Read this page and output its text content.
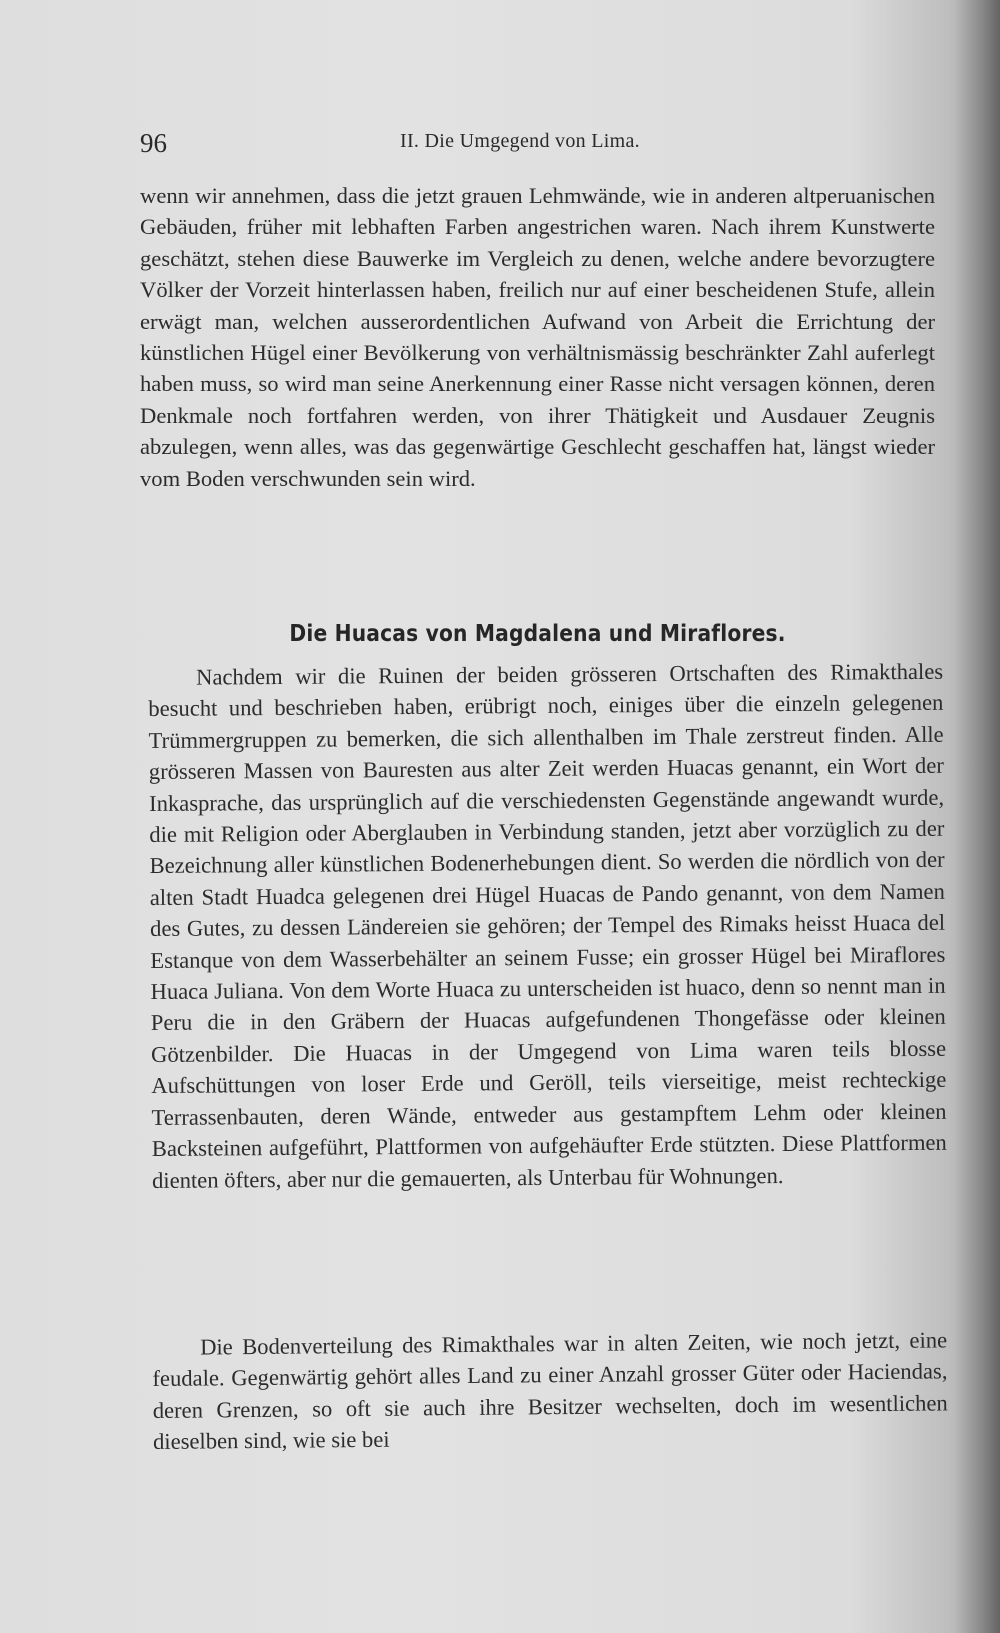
96	II. Die Umgegend von Lima.

wenn wir annehmen, dass die jetzt grauen Lehmwände, wie in anderen altperuanischen Gebäuden, früher mit lebhaften Farben angestrichen waren. Nach ihrem Kunstwerte geschätzt, stehen diese Bauwerke im Vergleich zu denen, welche andere bevorzugtere Völker der Vorzeit hinterlassen haben, freilich nur auf einer bescheidenen Stufe, allein erwägt man, welchen ausserordentlichen Aufwand von Arbeit die Errichtung der künstlichen Hügel einer Bevölkerung von verhältnismässig beschränkter Zahl auferlegt haben muss, so wird man seine Anerkennung einer Rasse nicht versagen können, deren Denkmale noch fortfahren werden, von ihrer Thätigkeit und Ausdauer Zeugnis abzulegen, wenn alles, was das gegenwärtige Geschlecht geschaffen hat, längst wieder vom Boden verschwunden sein wird.

Die Huacas von Magdalena und Miraflores.

Nachdem wir die Ruinen der beiden grösseren Ortschaften des Rimakthales besucht und beschrieben haben, erübrigt noch, einiges über die einzeln gelegenen Trümmergruppen zu bemerken, die sich allenthalben im Thale zerstreut finden. Alle grösseren Massen von Bauresten aus alter Zeit werden Huacas genannt, ein Wort der Inkasprache, das ursprünglich auf die verschiedensten Gegenstände angewandt wurde, die mit Religion oder Aberglauben in Verbindung standen, jetzt aber vorzüglich zu der Bezeichnung aller künstlichen Bodenerhebungen dient. So werden die nördlich von der alten Stadt Huadca gelegenen drei Hügel Huacas de Pando genannt, von dem Namen des Gutes, zu dessen Ländereien sie gehören; der Tempel des Rimaks heisst Huaca del Estanque von dem Wasserbehälter an seinem Fusse; ein grosser Hügel bei Miraflores Huaca Juliana. Von dem Worte Huaca zu unterscheiden ist huaco, denn so nennt man in Peru die in den Gräbern der Huacas aufgefundenen Thongefässe oder kleinen Götzenbilder. Die Huacas in der Umgegend von Lima waren teils blosse Aufschüttungen von loser Erde und Geröll, teils vierseitige, meist rechteckige Terrassenbauten, deren Wände, entweder aus gestampftem Lehm oder kleinen Backsteinen aufgeführt, Plattformen von aufgehäufter Erde stützten. Diese Plattformen dienten öfters, aber nur die gemauerten, als Unterbau für Wohnungen.

Die Bodenverteilung des Rimakthales war in alten Zeiten, wie noch jetzt, eine feudale. Gegenwärtig gehört alles Land zu einer Anzahl grosser Güter oder Haciendas, deren Grenzen, so oft sie auch ihre Besitzer wechselten, doch im wesentlichen dieselben sind, wie sie bei
